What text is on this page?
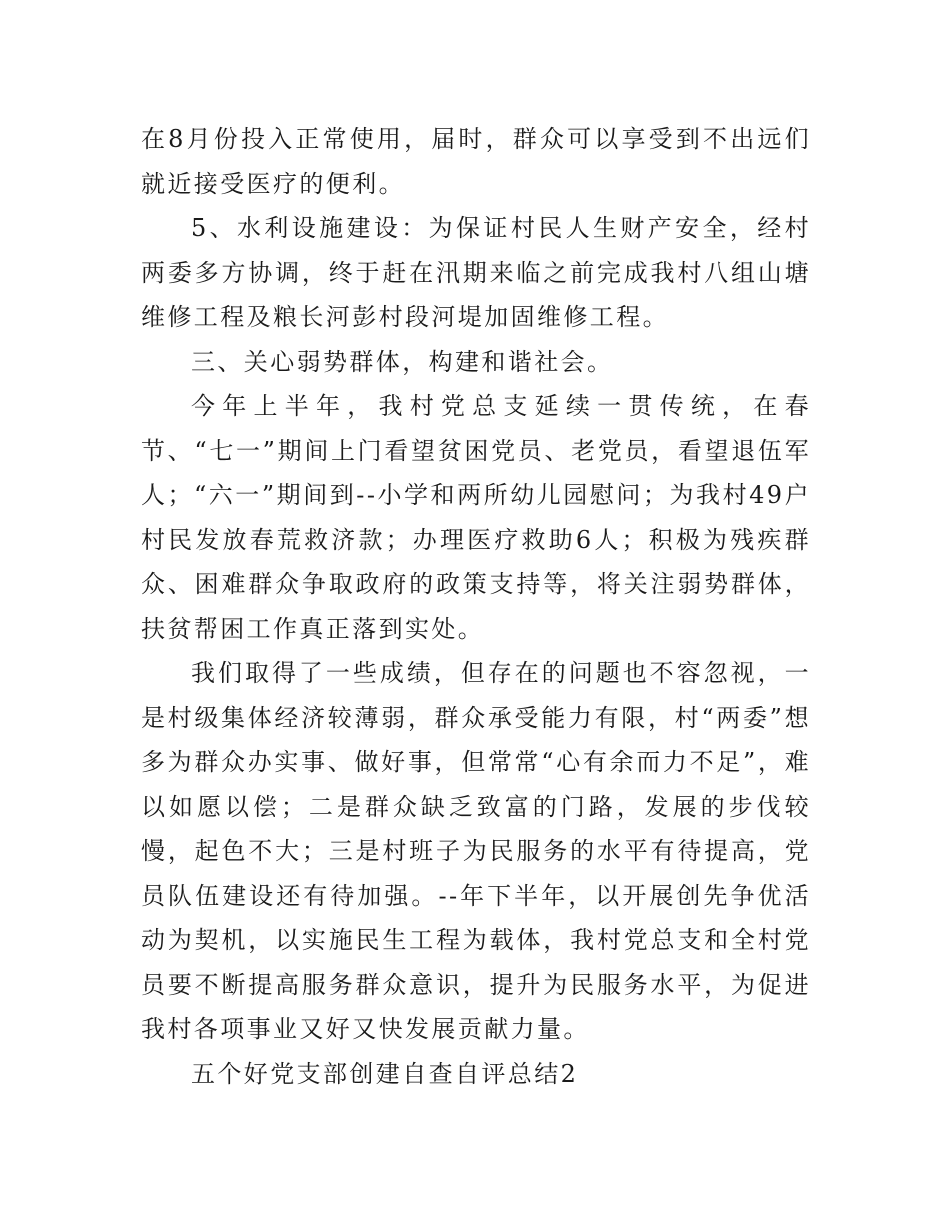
在8月份投入正常使用，届时，群众可以享受到不出远们就近接受医疗的便利。

5、水利设施建设：为保证村民人生财产安全，经村两委多方协调，终于赶在汛期来临之前完成我村八组山塘维修工程及粮长河彭村段河堤加固维修工程。

三、关心弱势群体，构建和谐社会。

今年上半年，我村党总支延续一贯传统，在春节、“七一”期间上门看望贫困党员、老党员，看望退伍军人；“六一”期间到--小学和两所幼儿园慰问；为我村49户村民发放春荒救济款；办理医疗救助6人；积极为残疾群众、困难群众争取政府的政策支持等，将关注弱势群体，扶贫帮困工作真正落到实处。

我们取得了一些成绩，但存在的问题也不容忽视，一是村级集体经济较薄弱，群众承受能力有限，村“两委”想多为群众办实事、做好事，但常常“心有余而力不足”，难以如愿以偿；二是群众缺乏致富的门路，发展的步伐较慢，起色不大；三是村班子为民服务的水平有待提高，党员队伍建设还有待加强。--年下半年，以开展创先争优活动为契机，以实施民生工程为载体，我村党总支和全村党员要不断提高服务群众意识，提升为民服务水平，为促进我村各项事业又好又快发展贡献力量。

五个好党支部创建自查自评总结2
